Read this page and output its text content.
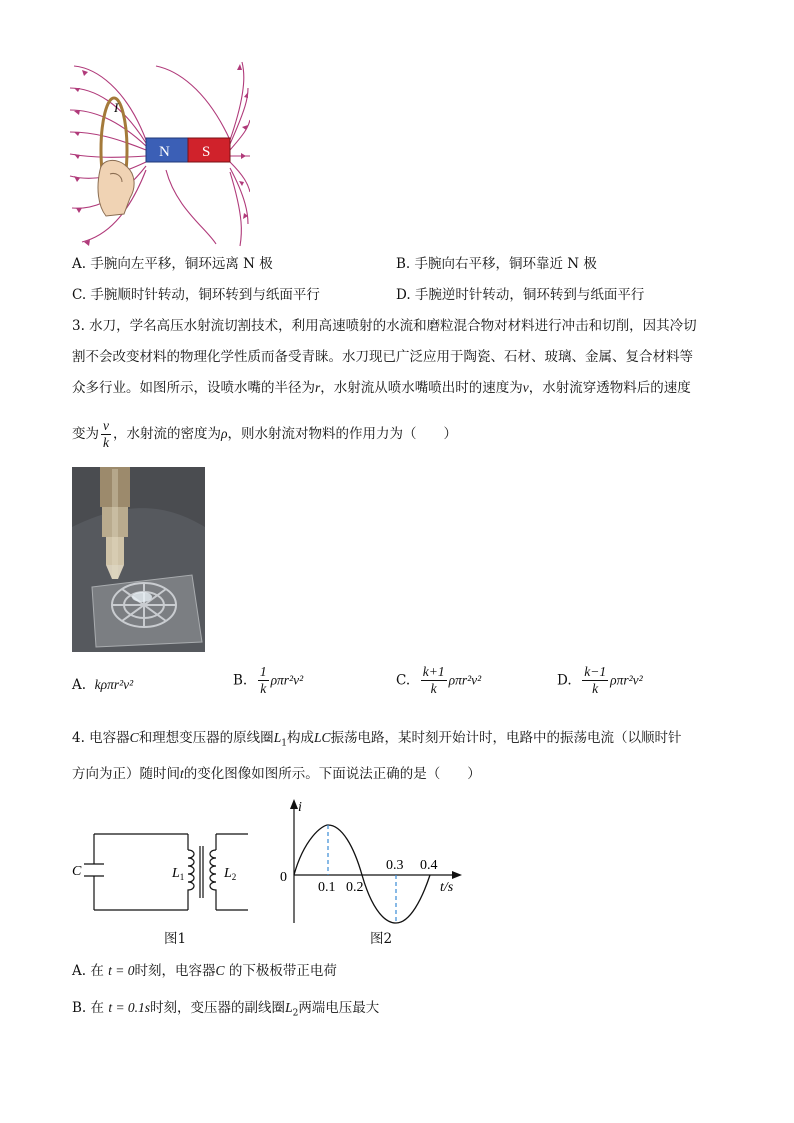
N S
I
A. 手腕向左平移，铜环远离 N 极	B. 手腕向右平移，铜环靠近 N 极
C. 手腕顺时针转动，铜环转到与纸面平行	D. 手腕逆时针转动，铜环转到与纸面平行
3. 水刀，学名高压水射流切割技术，利用高速喷射的水流和磨粒混合物对材料进行冲击和切削，因其冷切
割不会改变材料的物理化学性质而备受青睐。水刀现已广泛应用于陶瓷、石材、玻璃、金属、复合材料等
众多行业。如图所示，设喷水嘴的半径为r，水射流从喷水嘴喷出时的速度为v，水射流穿透物料后的速度
变为 $\frac{v}{k}$ ，水射流的密度为ρ，则水射流对物料的作用力为（　　）
A. kρπr²v²	B. $\frac{1}{k} \rho\pi r^2v^2$	C. $\frac{k+1}{k} \rho\pi r^2v^2$	D. $\frac{k-1}{k} \rho\pi r^2v^2$
4. 电容器C和理想变压器的原线圈$L_1$构成LC振荡电路，某时刻开始计时，电路中的振荡电流（以顺时针
方向为正）随时间t的变化图像如图所示。下面说法正确的是（　　）
C	$L_1$	$L_2$
图1
i
0
0.1 0.2
0.3 0.4
t/s
图2
A. 在 t = 0时刻，电容器C 的下极板带正电荷
B. 在 t = 0.1s时刻，变压器的副线圈$L_2$两端电压最大
